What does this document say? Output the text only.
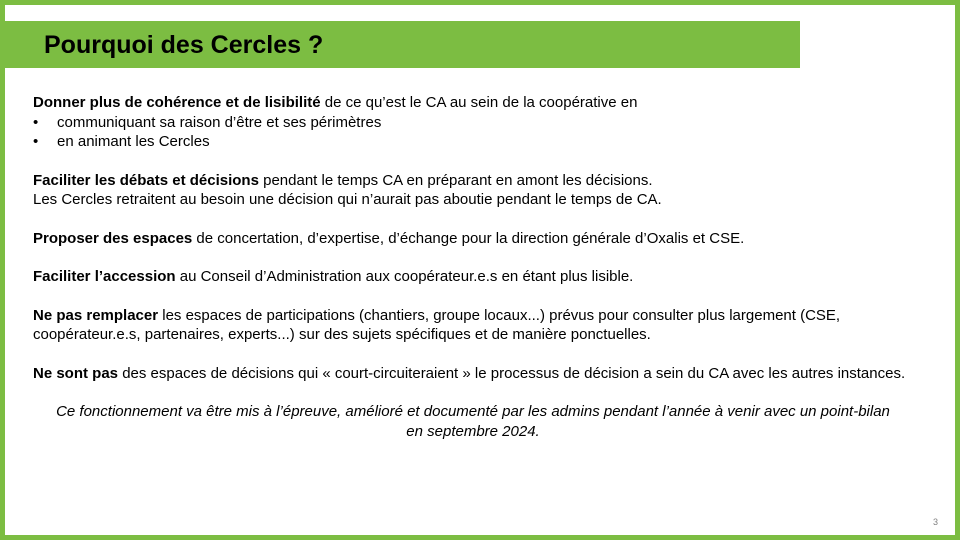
Pourquoi des Cercles ?
Donner plus de cohérence et de lisibilité de ce qu’est le CA au sein de la coopérative en
•	communiquant sa raison d’être et ses périmètres
•	en animant les Cercles
Faciliter les débats et décisions pendant le temps CA en préparant en amont les décisions.
Les Cercles retraitent au besoin une décision qui n’aurait pas aboutie pendant le temps de CA.
Proposer des espaces de concertation, d’expertise, d’échange pour la direction générale d’Oxalis et CSE.
Faciliter l’accession au Conseil d’Administration aux coopérateur.e.s en étant plus lisible.
Ne pas remplacer les espaces de participations (chantiers, groupe locaux...) prévus pour consulter plus largement (CSE, coopérateur.e.s, partenaires, experts...) sur des sujets spécifiques et de manière ponctuelles.
Ne sont pas des espaces de décisions qui « court-circuiteraient » le processus de décision a sein du CA avec les autres instances.
Ce fonctionnement va être mis à l’épreuve, amélioré et documenté par les admins pendant l’année à venir avec un point-bilan
en septembre 2024.
3
